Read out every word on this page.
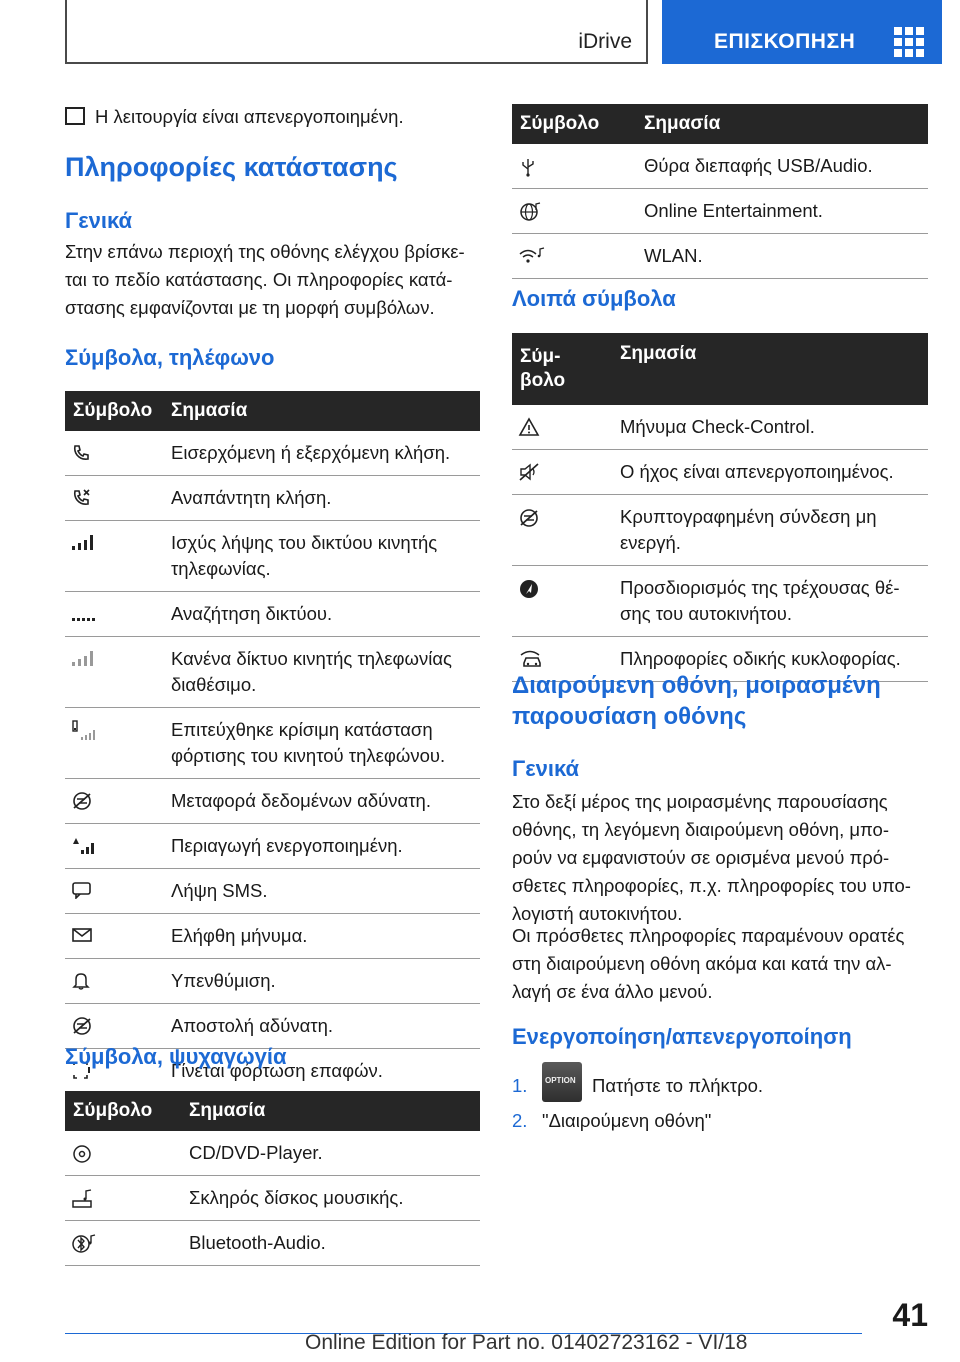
iDrive	ΕΠΙΣΚΟΠΗΣΗ
Η λειτουργία είναι απενεργοποιημένη.
Πληροφορίες κατάστασης
Γενικά
Στην επάνω περιοχή της οθόνης ελέγχου βρίσκε-ται το πεδίο κατάστασης. Οι πληροφορίες κατά-στασης εμφανίζονται με τη μορφή συμβόλων.
Σύμβολα, τηλέφωνο
Σύμβολο	Σημασία

	Εισερχόμενη ή εξερχόμενη κλήση.

	Αναπάντητη κλήση.

	Ισχύς λήψης του δικτύου κινητής τηλεφωνίας.

	Αναζήτηση δικτύου.

	Κανένα δίκτυο κινητής τηλεφωνίας διαθέσιμο.

	Επιτεύχθηκε κρίσιμη κατάσταση φόρτισης του κινητού τηλεφώνου.

	Μεταφορά δεδομένων αδύνατη.

	Περιαγωγή ενεργοποιημένη.

	Λήψη SMS.

	Ελήφθη μήνυμα.

	Υπενθύμιση.

	Αποστολή αδύνατη.

	Γίνεται φόρτωση επαφών.
Σύμβολα, ψυχαγωγία
Σύμβολο	Σημασία

	CD/DVD-Player.

	Σκληρός δίσκος μουσικής.

	Bluetooth-Audio.
Σύμβολο	Σημασία

	Θύρα διεπαφής USB/Audio.

	Online Entertainment.

	WLAN.
Λοιπά σύμβολα
Σύμ-βολο	Σημασία

	Μήνυμα Check-Control.

	Ο ήχος είναι απενεργοποιημένος.

	Κρυπτογραφημένη σύνδεση μη ενεργή.

	Προσδιορισμός της τρέχουσας θέ-σης του αυτοκινήτου.

	Πληροφορίες οδικής κυκλοφορίας.
Διαιρούμενη οθόνη, μοιρασμένη παρουσίαση οθόνης
Γενικά
Στο δεξί μέρος της μοιρασμένης παρουσίασης οθόνης, τη λεγόμενη διαιρούμενη οθόνη, μπο-ρούν να εμφανιστούν σε ορισμένα μενού πρό-σθετες πληροφορίες, π.χ. πληροφορίες του υπο-λογιστή αυτοκινήτου.
Οι πρόσθετες πληροφορίες παραμένουν ορατές στη διαιρούμενη οθόνη ακόμα και κατά την αλ-λαγή σε ένα άλλο μενού.
Ενεργοποίηση/απενεργοποίηση
1. OPTION Πατήστε το πλήκτρο.
2. "Διαιρούμενη οθόνη"
41
Online Edition for Part no. 01402723162 - VI/18
